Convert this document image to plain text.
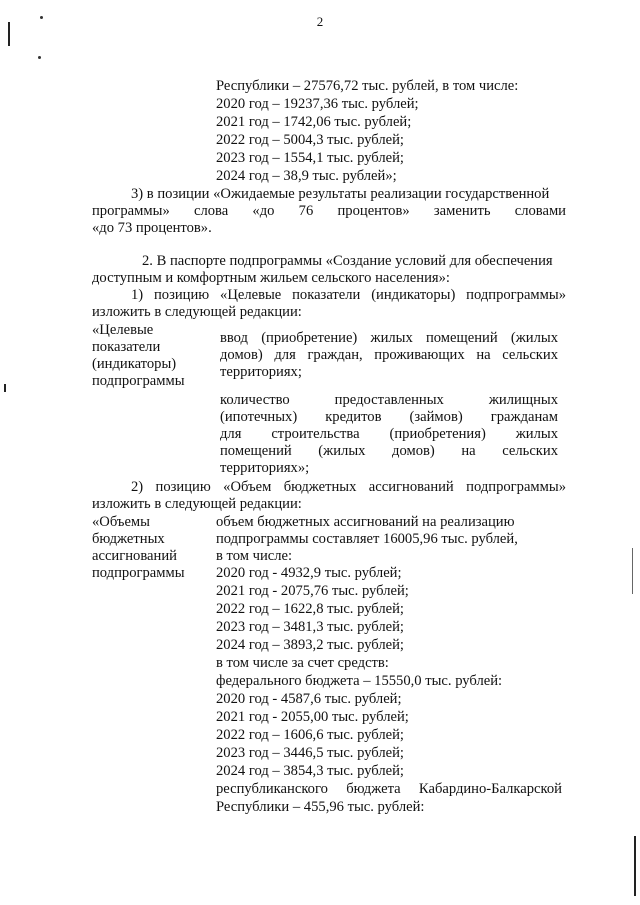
2
Республики – 27576,72 тыс. рублей, в том числе:
2020 год – 19237,36 тыс. рублей;
2021 год – 1742,06 тыс. рублей;
2022 год – 5004,3 тыс. рублей;
2023 год – 1554,1 тыс. рублей;
2024 год – 38,9 тыс. рублей»;
3) в позиции «Ожидаемые результаты реализации государственной
программы» слова «до 76 процентов» заменить словами
«до 73 процентов».
2. В паспорте подпрограммы «Создание условий для обеспечения
доступным и комфортным жильем сельского населения»:
1) позицию «Целевые показатели (индикаторы) подпрограммы»
изложить в следующей редакции:
«Целевые
показатели
(индикаторы)
подпрограммы
ввод (приобретение) жилых помещений (жилых
домов) для граждан, проживающих на сельских
территориях;
количество предоставленных жилищных
(ипотечных) кредитов (займов) гражданам
для строительства (приобретения) жилых
помещений (жилых домов) на сельских
территориях»;
2) позицию «Объем бюджетных ассигнований подпрограммы»
изложить в следующей редакции:
«Объемы
бюджетных
ассигнований
подпрограммы
объем бюджетных ассигнований на реализацию
подпрограммы составляет 16005,96 тыс. рублей,
в том числе:
2020 год - 4932,9 тыс. рублей;
2021 год - 2075,76 тыс. рублей;
2022 год – 1622,8 тыс. рублей;
2023 год – 3481,3 тыс. рублей;
2024 год – 3893,2 тыс. рублей;
в том числе за счет средств:
федерального бюджета – 15550,0 тыс. рублей:
2020 год - 4587,6 тыс. рублей;
2021 год - 2055,00 тыс. рублей;
2022 год – 1606,6 тыс. рублей;
2023 год – 3446,5 тыс. рублей;
2024 год – 3854,3 тыс. рублей;
республиканского бюджета Кабардино-Балкарской
Республики – 455,96 тыс. рублей:
